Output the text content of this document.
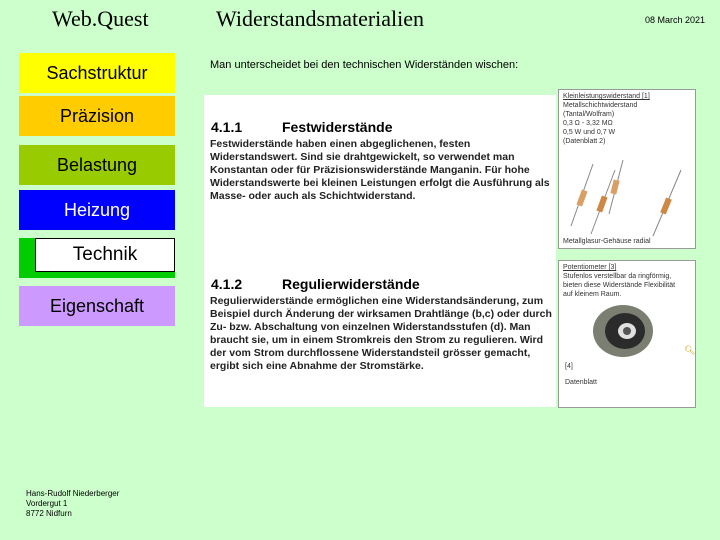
Web.Quest	Widerstandsmaterialien	08 March 2021
Sachstruktur
Präzision
Belastung
Heizung
Technik
Eigenschaft
Hans-Rudolf Niederberger
Vordergut 1
8772 Nidfurn
Man unterscheidet bei den technischen Widerständen wischen:
4.1.1	Festwiderstände
Festwiderstände haben einen abgeglichenen, festen Widerstandswert. Sind sie drahtgewickelt, so verwendet man Konstantan oder für Präzisionswiderstände Manganin. Für hohe Widerstandswerte bei kleinen Leistungen erfolgt die Ausführung als Masse- oder auch als Schichtwiderstand.
4.1.2	Regulierwiderstände
Regulierwiderstände ermöglichen eine Widerstandsänderung, zum Beispiel durch Änderung der wirksamen Drahtlänge (b,c) oder durch Zu- bzw. Abschaltung von einzelnen Widerstandsstufen (d). Man braucht sie, um in einem Stromkreis den Strom zu regulieren. Wird der vom Strom durchflossene Widerstandsteil grösser gemacht, ergibt sich eine Abnahme der Stromstärke.
Kleinleistungswiderstand [1]
Metallschichtwiderstand
(Tantal/Wolfram)
0,3 Ω - 3,32 MΩ
0,5 W und 0,7 W
(Datenblatt 2)
Metallglasur-Gehäuse radial
Potentiometer [3]
Stufenlos verstellbar da ringförmig,
bieten diese Widerstände Flexibilität
auf kleinem Raum.
[4]
Datenblatt
🔍︎
